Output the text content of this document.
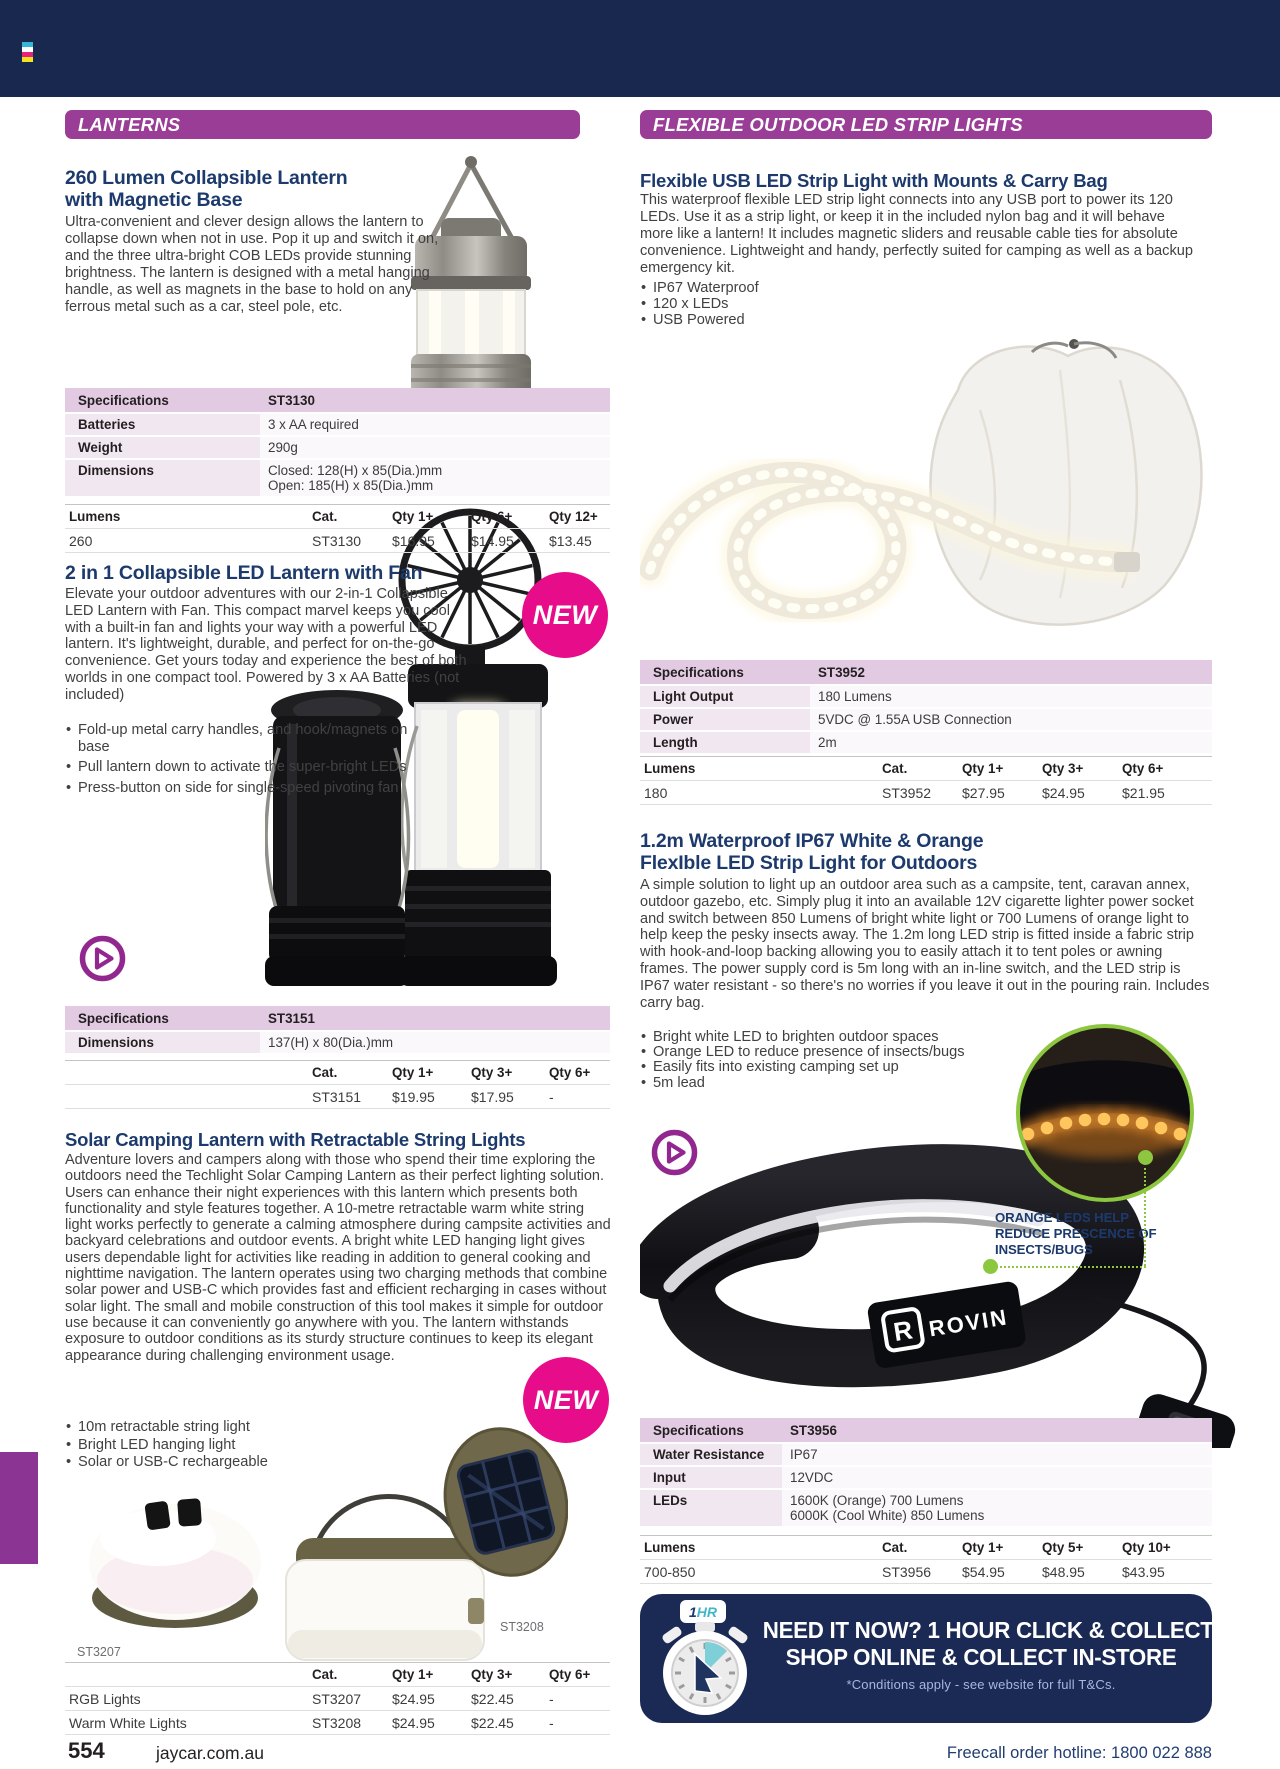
LANTERNS	FLEXIBLE OUTDOOR LED STRIP LIGHTS
260 Lumen Collapsible Lantern
with Magnetic Base
Ultra-convenient and clever design allows the lantern to collapse down when not in use. Pop it up and switch it on, and the three ultra-bright COB LEDs provide stunning brightness. The lantern is designed with a metal hanging handle, as well as magnets in the base to hold on any ferrous metal such as a car, steel pole, etc.
Specifications	ST3130
Batteries	3 x AA required
Weight	290g
Dimensions	Closed: 128(H) x 85(Dia.)mm
Open: 185(H) x 85(Dia.)mm
Lumens	Cat.	Qty 1+	Qty 6+	Qty 12+
260	ST3130	$16.95	$14.95	$13.45
2 in 1 Collapsible LED Lantern with Fan
Elevate your outdoor adventures with our 2-in-1 Collapsible LED Lantern with Fan. This compact marvel keeps you cool with a built-in fan and lights your way with a powerful LED lantern. It's lightweight, durable, and perfect for on-the-go convenience. Get yours today and experience the best of both worlds in one compact tool. Powered by 3 x AA Batteries (not included)
• Fold-up metal carry handles, and hook/magnets on base
• Pull lantern down to activate the super-bright LEDs
• Press-button on side for single-speed pivoting fan
NEW
Specifications	ST3151
Dimensions	137(H) x 80(Dia.)mm
	Cat.	Qty 1+	Qty 3+	Qty 6+
	ST3151	$19.95	$17.95	-
Solar Camping Lantern with Retractable String Lights
Adventure lovers and campers along with those who spend their time exploring the outdoors need the Techlight Solar Camping Lantern as their perfect lighting solution. Users can enhance their night experiences with this lantern which presents both functionality and style features together. A 10-metre retractable warm white string light works perfectly to generate a calming atmosphere during campsite activities and backyard celebrations and outdoor events. A bright white LED hanging light gives users dependable light for activities like reading in addition to general cooking and nighttime navigation. The lantern operates using two charging methods that combine solar power and USB-C which provides fast and efficient recharging in cases without solar light. The small and mobile construction of this tool makes it simple for outdoor use because it can conveniently go anywhere with you. The lantern withstands exposure to outdoor conditions as its sturdy structure continues to keep its elegant appearance during challenging environment usage.
• 10m retractable string light
• Bright LED hanging light
• Solar or USB-C rechargeable
NEW
ST3207
ST3208
	Cat.	Qty 1+	Qty 3+	Qty 6+
RGB Lights	ST3207	$24.95	$22.45	-
Warm White Lights	ST3208	$24.95	$22.45	-
Flexible USB LED Strip Light with Mounts & Carry Bag
This waterproof flexible LED strip light connects into any USB port to power its 120 LEDs. Use it as a strip light, or keep it in the included nylon bag and it will behave more like a lantern! It includes magnetic sliders and reusable cable ties for absolute convenience. Lightweight and handy, perfectly suited for camping as well as a backup emergency kit.
• IP67 Waterproof
• 120 x LEDs
• USB Powered
Specifications	ST3952
Light Output	180 Lumens
Power	5VDC @ 1.55A USB Connection
Length	2m
Lumens	Cat.	Qty 1+	Qty 3+	Qty 6+
180	ST3952	$27.95	$24.95	$21.95
1.2m Waterproof IP67 White & Orange
FlexIble LED Strip Light for Outdoors
A simple solution to light up an outdoor area such as a campsite, tent, caravan annex, outdoor gazebo, etc. Simply plug it into an available 12V cigarette lighter power socket and switch between 850 Lumens of bright white light or 700 Lumens of orange light to help keep the pesky insects away. The 1.2m long LED strip is fitted inside a fabric strip with hook-and-loop backing allowing you to easily attach it to tent poles or awning frames. The power supply cord is 5m long with an in-line switch, and the LED strip is IP67 water resistant - so there's no worries if you leave it out in the pouring rain. Includes carry bag.
• Bright white LED to brighten outdoor spaces
• Orange LED to reduce presence of insects/bugs
• Easily fits into existing camping set up
• 5m lead
R ROVIN
ORANGE LEDS HELP
REDUCE PRESCENCE OF
INSECTS/BUGS
Specifications	ST3956
Water Resistance	IP67
Input	12VDC
LEDs	1600K (Orange) 700 Lumens
6000K (Cool White) 850 Lumens
Lumens	Cat.	Qty 1+	Qty 5+	Qty 10+
700-850	ST3956	$54.95	$48.95	$43.95
1HR
NEED IT NOW? 1 HOUR CLICK & COLLECT
SHOP ONLINE & COLLECT IN-STORE
*Conditions apply - see website for full T&Cs.
554	jaycar.com.au	Freecall order hotline: 1800 022 888
